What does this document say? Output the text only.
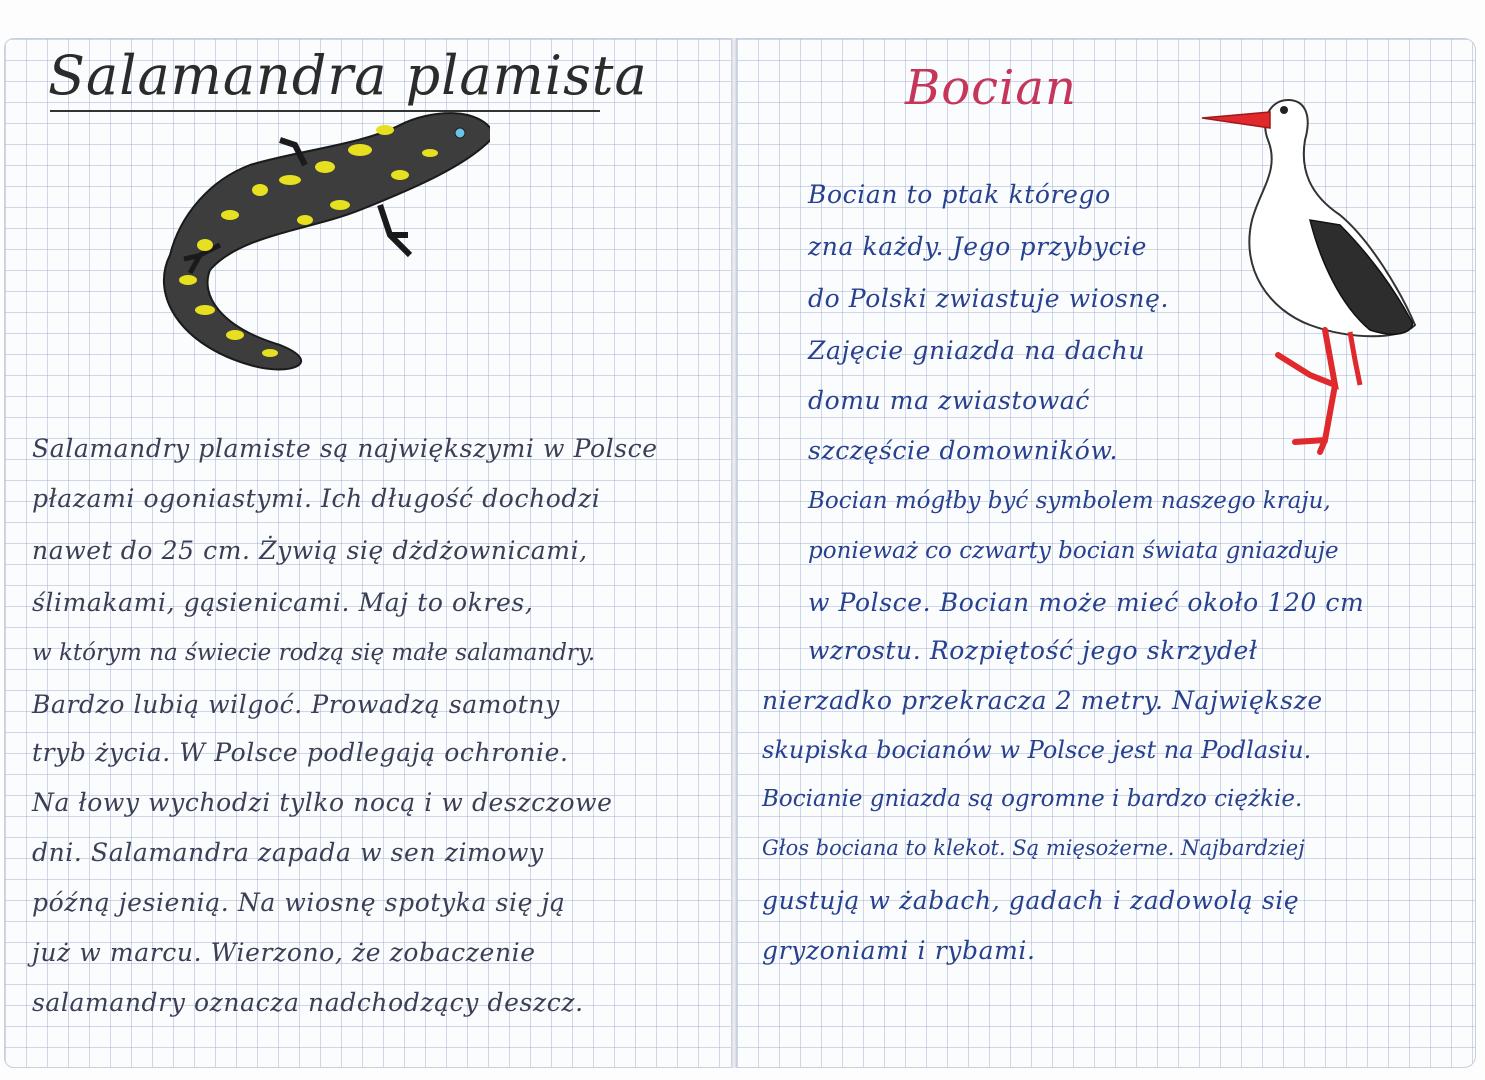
Salamandra plamista
Salamandry plamiste są największymi w Polsce
płazami ogoniastymi. Ich długość dochodzi
nawet do 25 cm. Żywią się dżdżownicami,
ślimakami, gąsienicami. Maj to okres,
w którym na świecie rodzą się małe salamandry.
Bardzo lubią wilgoć. Prowadzą samotny
tryb życia. W Polsce podlegają ochronie.
Na łowy wychodzi tylko nocą i w deszczowe
dni. Salamandra zapada w sen zimowy
późną jesienią. Na wiosnę spotyka się ją
już w marcu. Wierzono, że zobaczenie
salamandry oznacza nadchodzący deszcz.
Bocian
Bocian to ptak którego
zna każdy. Jego przybycie
do Polski zwiastuje wiosnę.
Zajęcie gniazda na dachu
domu ma zwiastować
szczęście domowników.
Bocian mógłby być symbolem naszego kraju,
ponieważ co czwarty bocian świata gniazduje
w Polsce. Bocian może mieć około 120 cm
wzrostu. Rozpiętość jego skrzydeł
nierzadko przekracza 2 metry. Największe
skupiska bocianów w Polsce jest na Podlasiu.
Bocianie gniazda są ogromne i bardzo ciężkie.
Głos bociana to klekot. Są mięsożerne. Najbardziej
gustują w żabach, gadach i zadowolą się
gryzoniami i rybami.
